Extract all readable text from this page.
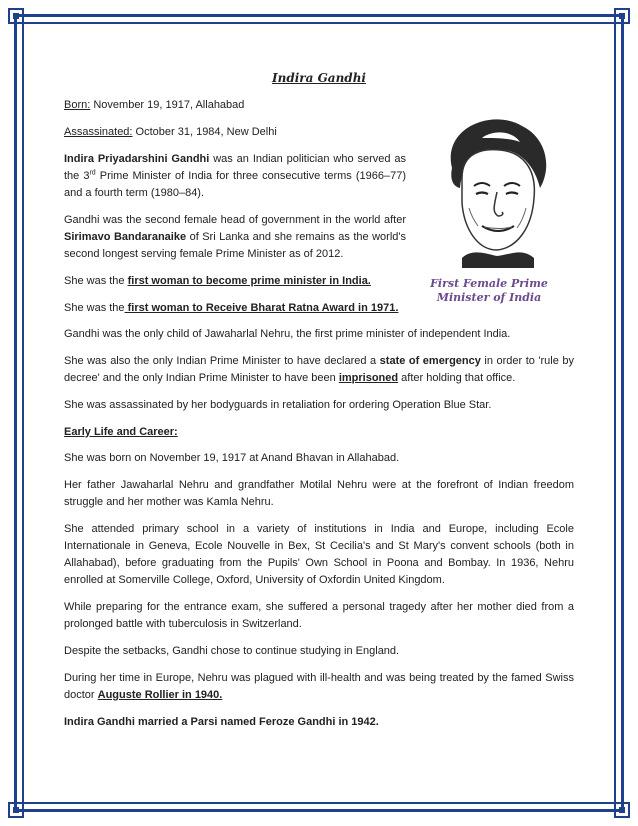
First Female Prime Minister of India
Indira Gandhi

Born: November 19, 1917, Allahabad

Assassinated: October 31, 1984, New Delhi

Indira Priyadarshini Gandhi was an Indian politician who served as the 3rd Prime Minister of India for three consecutive terms (1966–77) and a fourth term (1980–84).

Gandhi was the second female head of government in the world after Sirimavo Bandaranaike of Sri Lanka and she remains as the world's second longest serving female Prime Minister as of 2012.

She was the first woman to become prime minister in India.

She was the first woman to Receive Bharat Ratna Award in 1971.

Gandhi was the only child of Jawaharlal Nehru, the first prime minister of independent India.

She was also the only Indian Prime Minister to have declared a state of emergency in order to 'rule by decree' and the only Indian Prime Minister to have been imprisoned after holding that office.

She was assassinated by her bodyguards in retaliation for ordering Operation Blue Star.

Early Life and Career:

She was born on November 19, 1917 at Anand Bhavan in Allahabad.

Her father Jawaharlal Nehru and grandfather Motilal Nehru were at the forefront of Indian freedom struggle and her mother was Kamla Nehru.

She attended primary school in a variety of institutions in India and Europe, including Ecole Internationale in Geneva, Ecole Nouvelle in Bex, St Cecilia's and St Mary's convent schools (both in Allahabad), before graduating from the Pupils' Own School in Poona and Bombay. In 1936, Nehru enrolled at Somerville College, Oxford, University of Oxfordin United Kingdom.

While preparing for the entrance exam, she suffered a personal tragedy after her mother died from a prolonged battle with tuberculosis in Switzerland.

Despite the setbacks, Gandhi chose to continue studying in England.

During her time in Europe, Nehru was plagued with ill-health and was being treated by the famed Swiss doctor Auguste Rollier in 1940.

Indira Gandhi married a Parsi named Feroze Gandhi in 1942.
